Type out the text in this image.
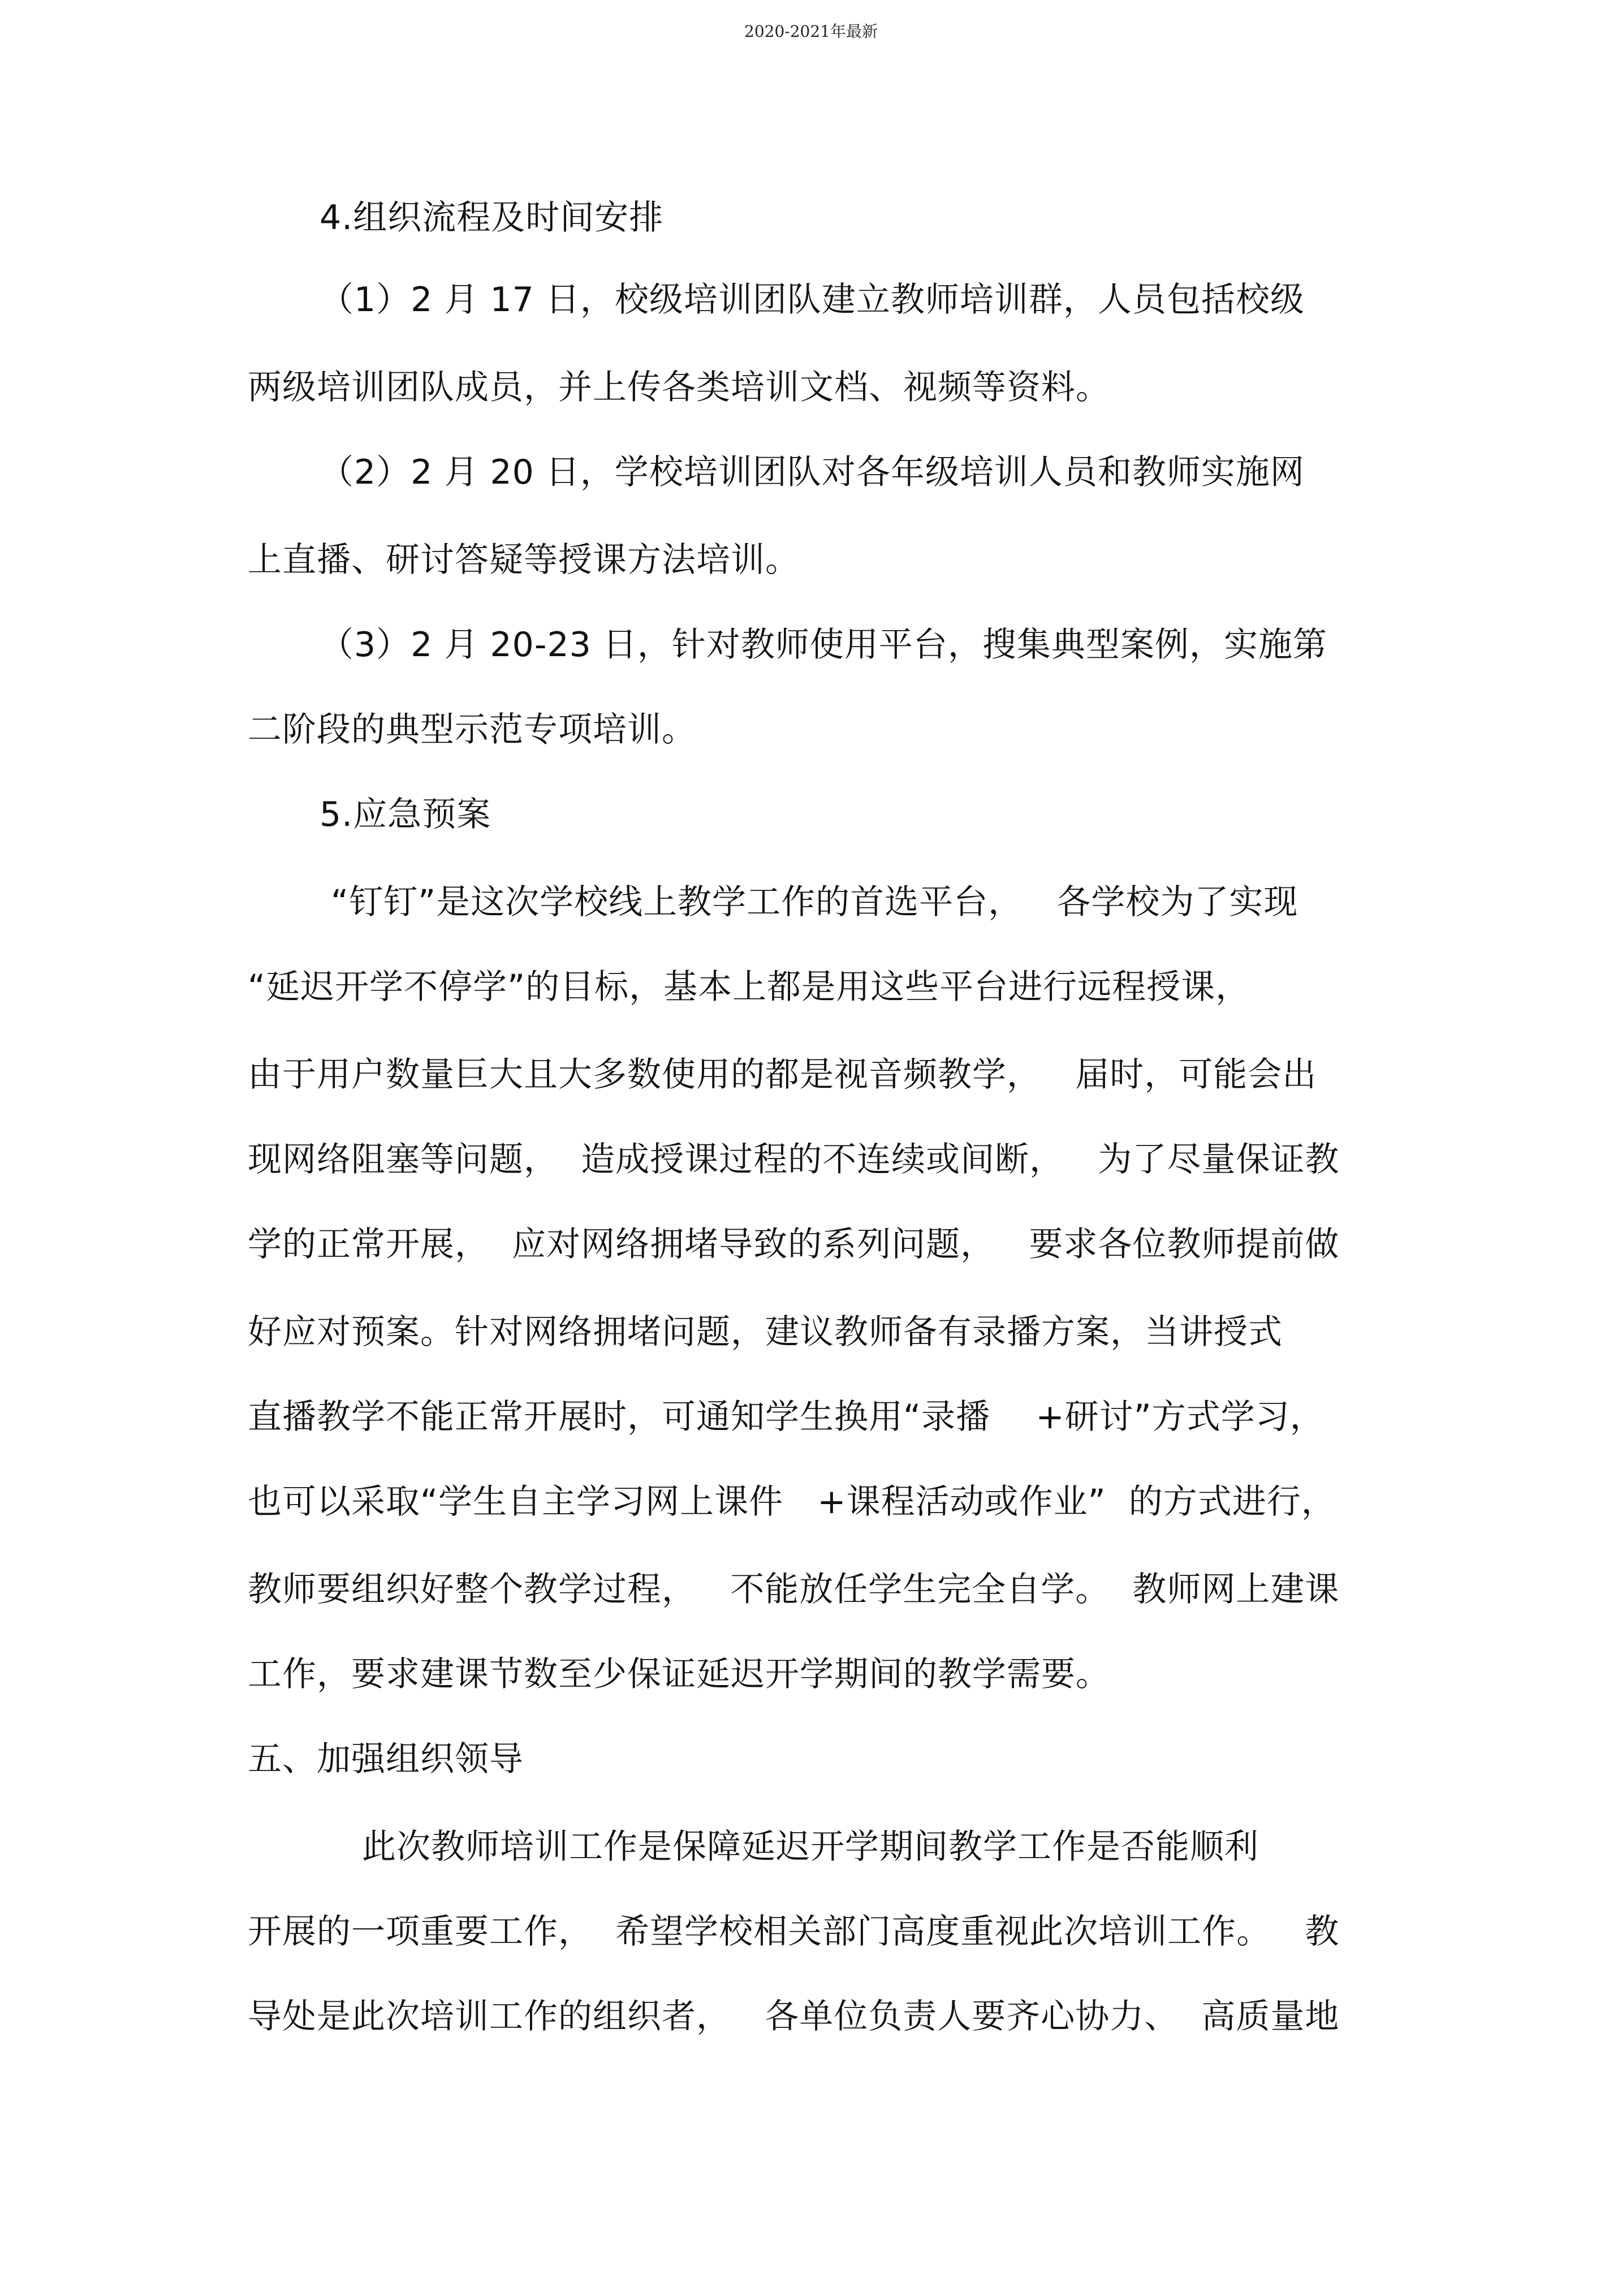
2020-2021年最新
4.组织流程及时间安排
（1）2 月 17 日，校级培训团队建立教师培训群，人员包括校级
两级培训团队成员，并上传各类培训文档、视频等资料。
（2）2 月 20 日，学校培训团队对各年级培训人员和教师实施网
上直播、研讨答疑等授课方法培训。
（3）2 月 20-23 日，针对教师使用平台，搜集典型案例，实施第
二阶段的典型示范专项培训。
5.应急预案
“钉钉”是这次学校线上教学工作的首选平台，   各学校为了实现
“延迟开学不停学”的目标，基本上都是用这些平台进行远程授课，
由于用户数量巨大且大多数使用的都是视音频教学，   届时，可能会出
现网络阻塞等问题，  造成授课过程的不连续或间断，   为了尽量保证教
学的正常开展，  应对网络拥堵导致的系列问题，   要求各位教师提前做
好应对预案。针对网络拥堵问题，建议教师备有录播方案，当讲授式
直播教学不能正常开展时，可通知学生换用“录播    +研讨”方式学习，
也可以采取“学生自主学习网上课件   +课程活动或作业”  的方式进行，
教师要组织好整个教学过程，   不能放任学生完全自学。  教师网上建课
工作，要求建课节数至少保证延迟开学期间的教学需要。
五、加强组织领导
此次教师培训工作是保障延迟开学期间教学工作是否能顺利
开展的一项重要工作，  希望学校相关部门高度重视此次培训工作。   教
导处是此次培训工作的组织者，   各单位负责人要齐心协力、  高质量地
